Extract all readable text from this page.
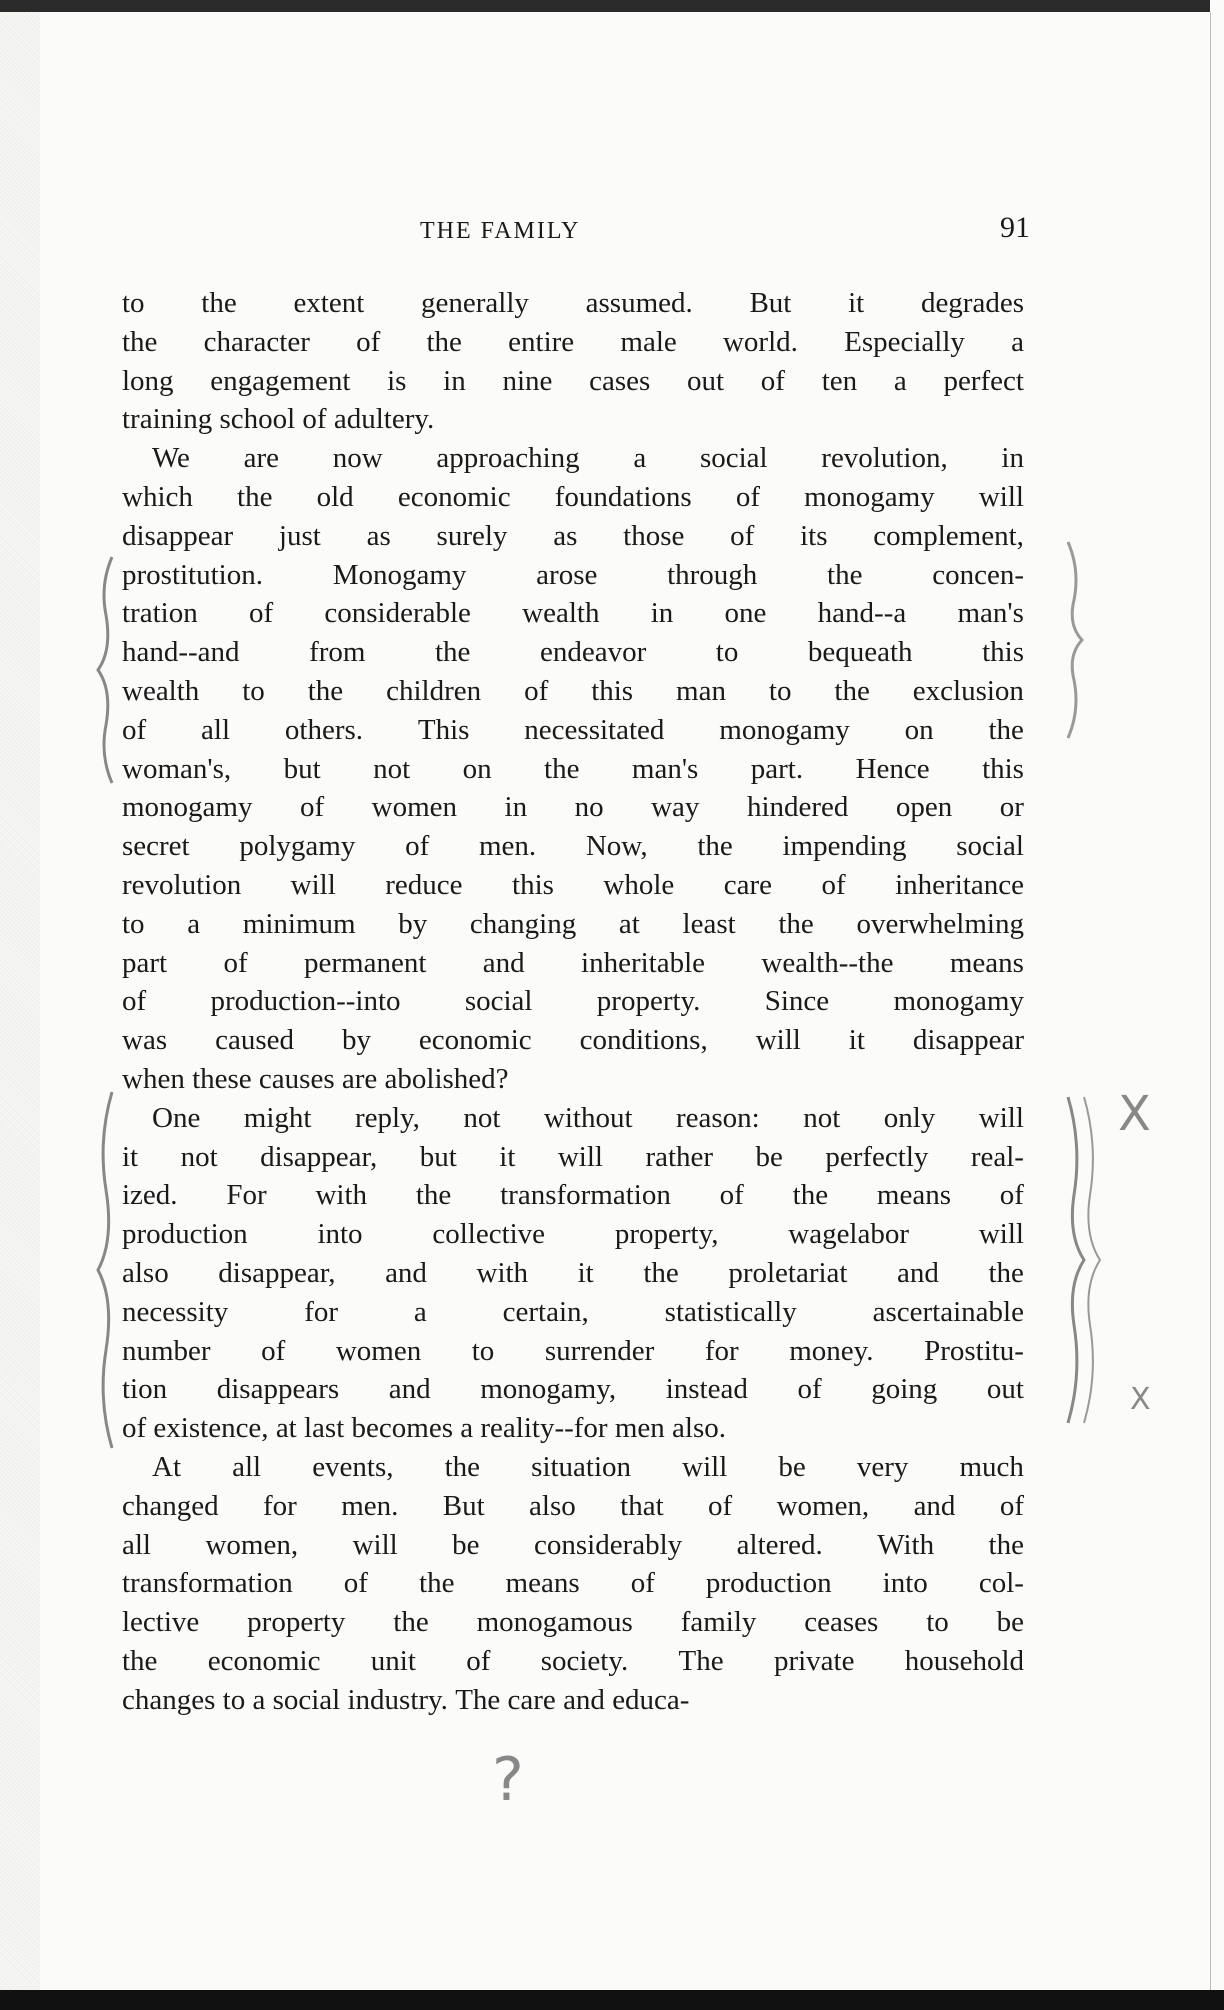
THE FAMILY	91
to the extent generally assumed. But it degrades
the character of the entire male world. Especially a
long engagement is in nine cases out of ten a perfect
training school of adultery.
We are now approaching a social revolution, in
which the old economic foundations of monogamy will
disappear just as surely as those of its complement,
prostitution. Monogamy arose through the concen-
tration of considerable wealth in one hand--a man's
hand--and from the endeavor to bequeath this
wealth to the children of this man to the exclusion
of all others. This necessitated monogamy on the
woman's, but not on the man's part. Hence this
monogamy of women in no way hindered open or
secret polygamy of men. Now, the impending social
revolution will reduce this whole care of inheritance
to a minimum by changing at least the overwhelming
part of permanent and inheritable wealth--the means
of production--into social property. Since monogamy
was caused by economic conditions, will it disappear
when these causes are abolished?
One might reply, not without reason: not only will
it not disappear, but it will rather be perfectly real-
ized. For with the transformation of the means of
production into collective property, wagelabor will
also disappear, and with it the proletariat and the
necessity	for	a	certain,	statistically	ascertainable
number of women to surrender for money. Prostitu-
tion disappears and monogamy, instead of going out
of existence, at last becomes a reality--for men also.
At all events, the situation will be very much
changed for men. But also that of women, and of
all women, will be considerably altered. With the
transformation of the means of production into col-
lective property the monogamous family ceases to be
the economic unit of society. The private household
changes to a social industry. The care and educa-
X
X
?
